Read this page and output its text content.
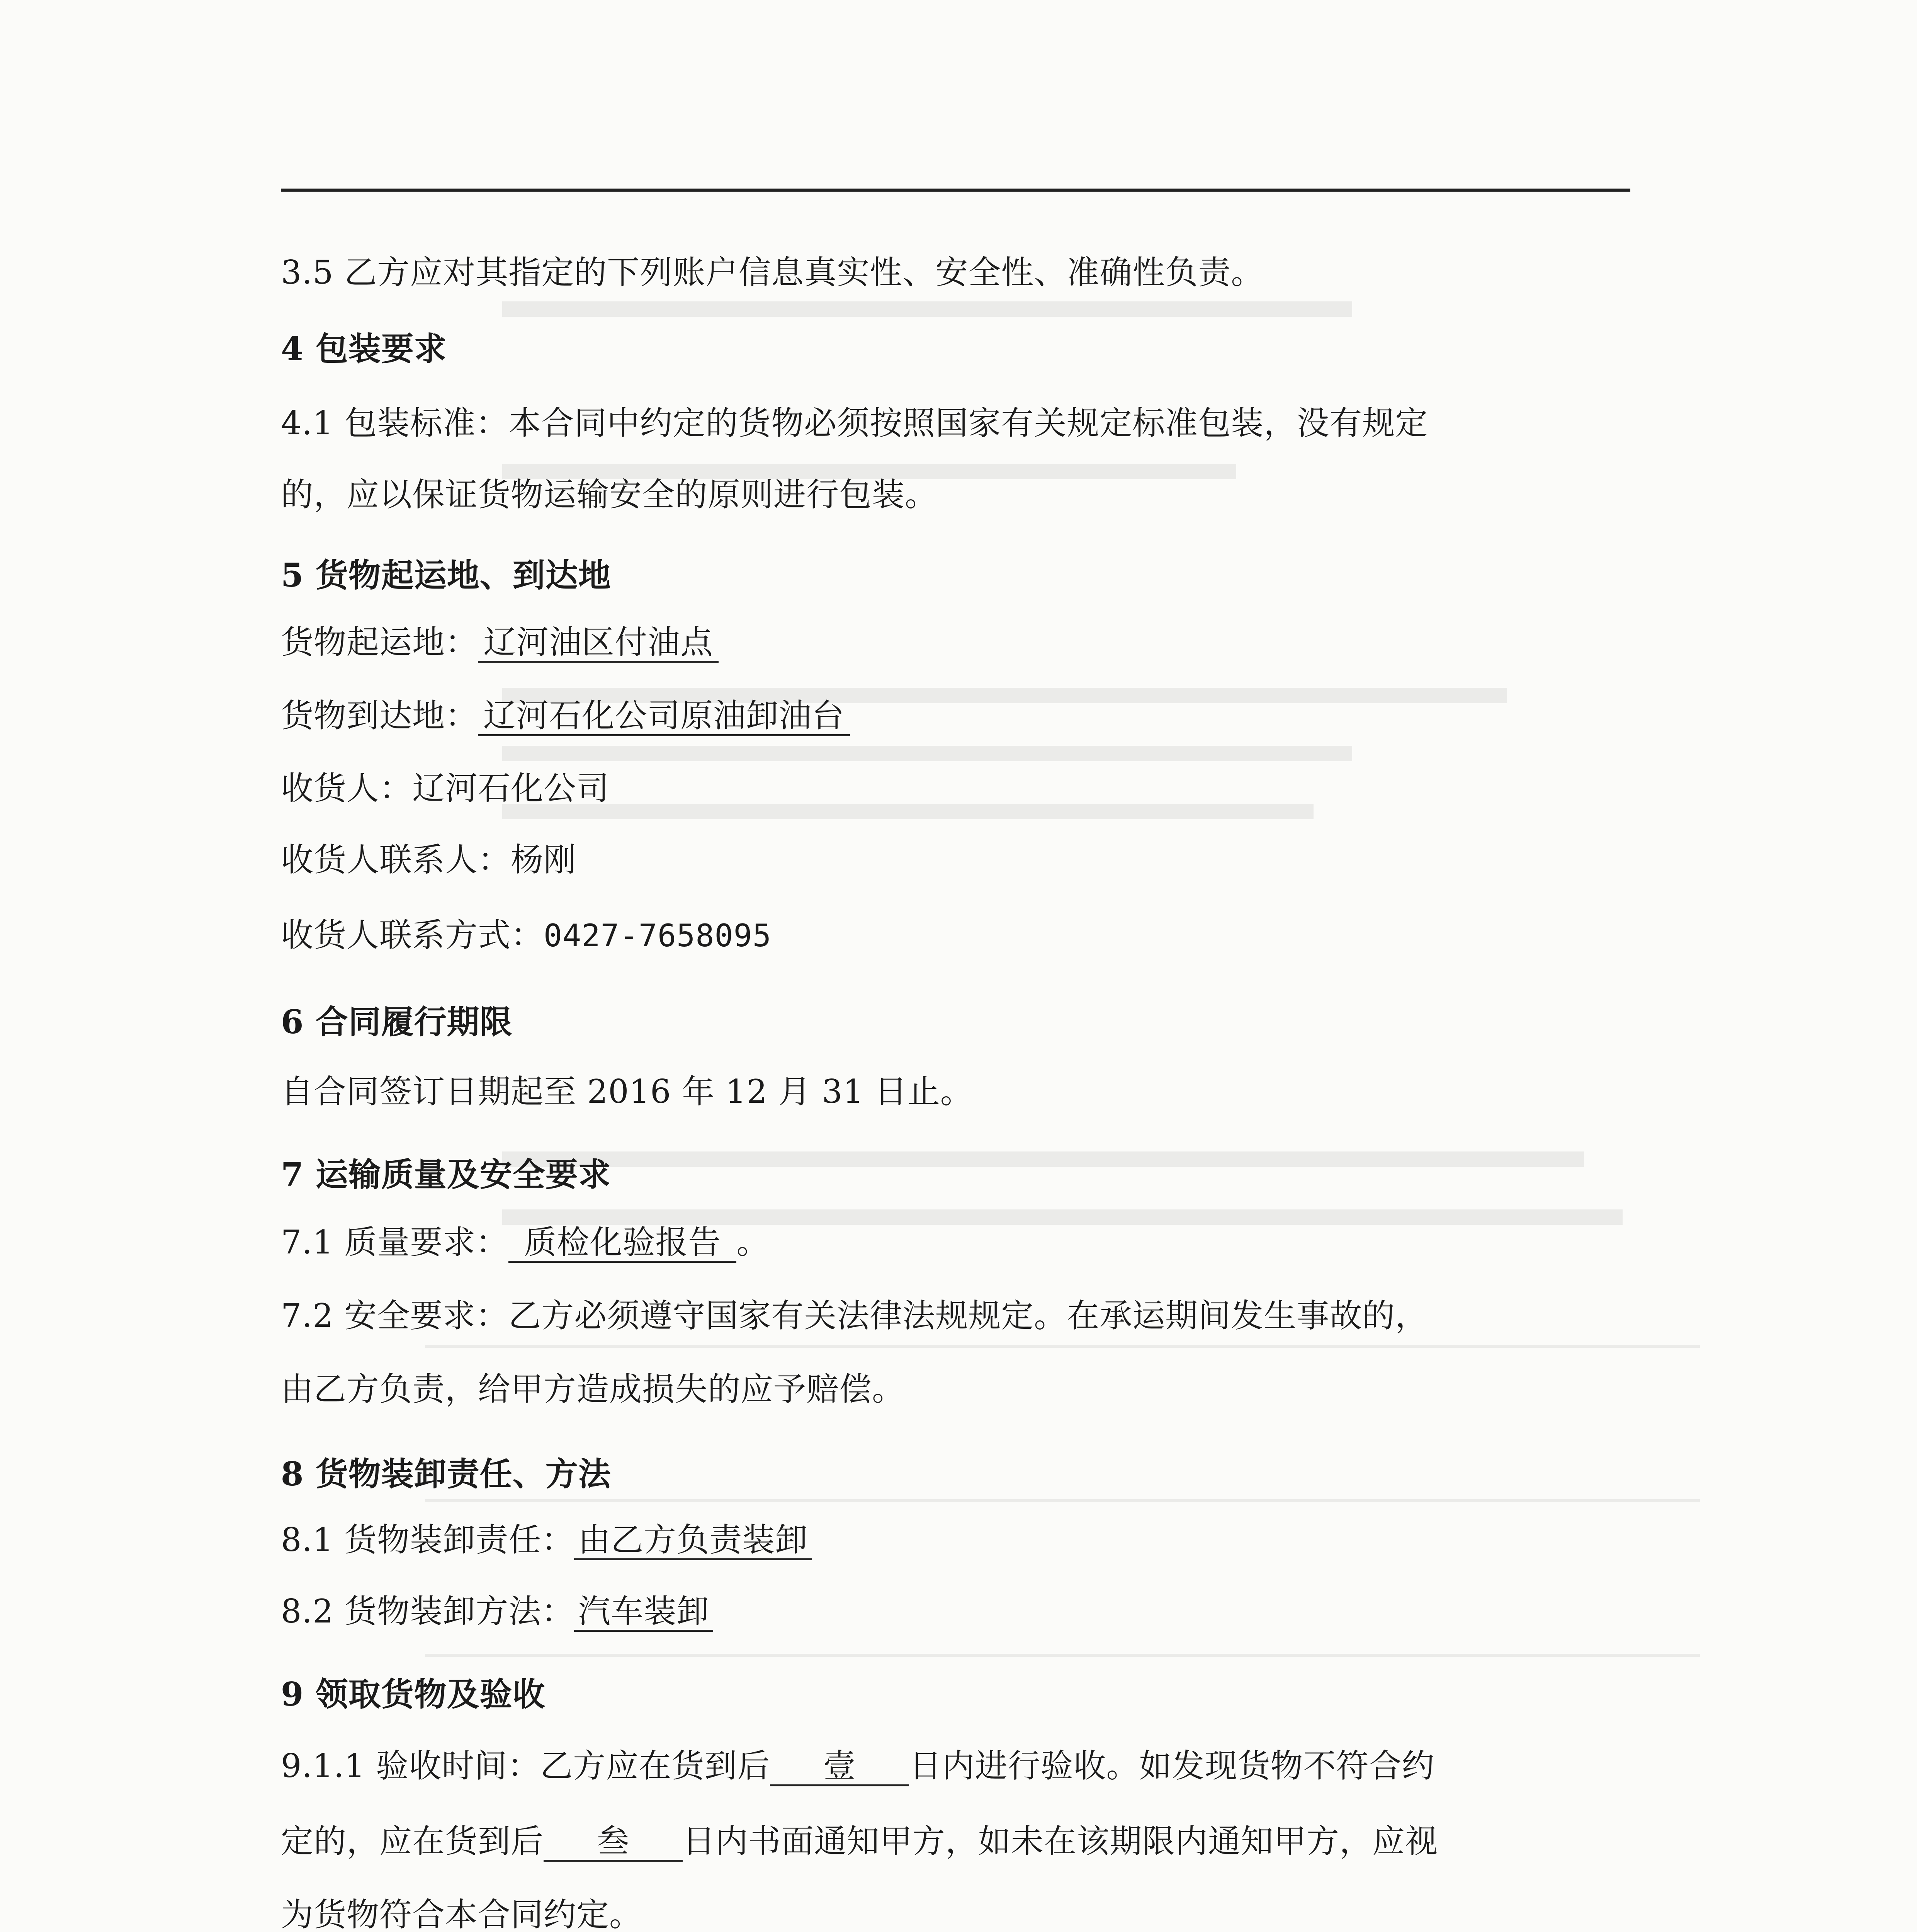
3.5 乙方应对其指定的下列账户信息真实性、安全性、准确性负责。
4 包装要求
4.1 包装标准：本合同中约定的货物必须按照国家有关规定标准包装，没有规定
的，应以保证货物运输安全的原则进行包装。
5 货物起运地、到达地
货物起运地： 辽河油区付油点
货物到达地： 辽河石化公司原油卸油台
收货人：辽河石化公司
收货人联系人：杨刚
收货人联系方式：0427-7658095
6 合同履行期限
自合同签订日期起至 2016 年 12 月 31 日止。
7 运输质量及安全要求
7.1 质量要求： 质检化验报告 。
7.2 安全要求：乙方必须遵守国家有关法律法规规定。在承运期间发生事故的，
由乙方负责，给甲方造成损失的应予赔偿。
8 货物装卸责任、方法
8.1 货物装卸责任： 由乙方负责装卸
8.2 货物装卸方法： 汽车装卸
9 领取货物及验收
9.1.1 验收时间：乙方应在货到后 壹 日内进行验收。如发现货物不符合约
定的，应在货到后 叁 日内书面通知甲方，如未在该期限内通知甲方，应视
为货物符合本合同约定。
